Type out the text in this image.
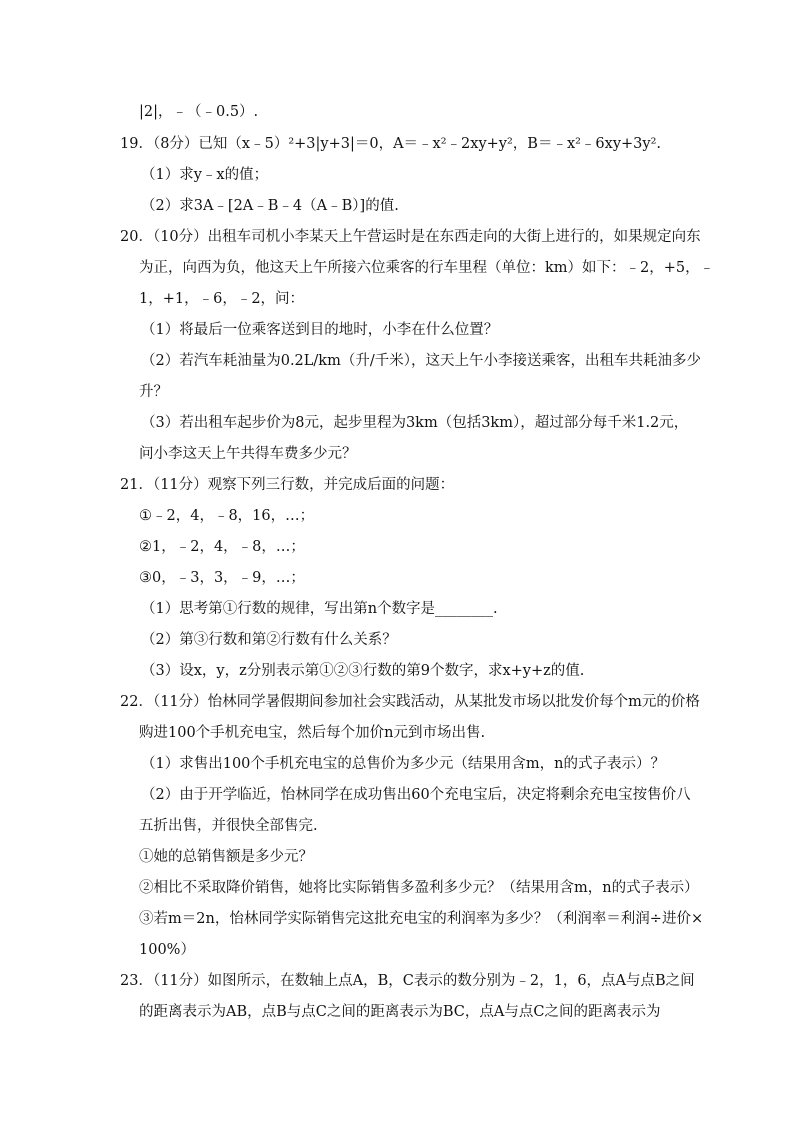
|2|，﹣（﹣0.5）.
19．（8分）已知（x﹣5）²+3|y+3|＝0，A＝﹣x²﹣2xy+y²，B＝﹣x²﹣6xy+3y².
（1）求y﹣x的值；
（2）求3A﹣[2A﹣B﹣4（A﹣B）]的值.
20．（10分）出租车司机小李某天上午营运时是在东西走向的大街上进行的，如果规定向东
为正，向西为负，他这天上午所接六位乘客的行车里程（单位：km）如下：﹣2，+5，﹣
1，+1，﹣6，﹣2，问：
（1）将最后一位乘客送到目的地时，小李在什么位置？
（2）若汽车耗油量为0.2L/km（升/千米），这天上午小李接送乘客，出租车共耗油多少
升？
（3）若出租车起步价为8元，起步里程为3km（包括3km），超过部分每千米1.2元，
问小李这天上午共得车费多少元？
21．（11分）观察下列三行数，并完成后面的问题：
①﹣2，4，﹣8，16，…；
②1，﹣2，4，﹣8，…；
③0，﹣3，3，﹣9，…；
（1）思考第①行数的规律，写出第n个数字是________.
（2）第③行数和第②行数有什么关系？
（3）设x，y，z分别表示第①②③行数的第9个数字，求x+y+z的值.
22．（11分）怡林同学暑假期间参加社会实践活动，从某批发市场以批发价每个m元的价格
购进100个手机充电宝，然后每个加价n元到市场出售.
（1）求售出100个手机充电宝的总售价为多少元（结果用含m，n的式子表示）？
（2）由于开学临近，怡林同学在成功售出60个充电宝后，决定将剩余充电宝按售价八
五折出售，并很快全部售完.
①她的总销售额是多少元？
②相比不采取降价销售，她将比实际销售多盈利多少元？（结果用含m，n的式子表示）
③若m＝2n，怡林同学实际销售完这批充电宝的利润率为多少？（利润率＝利润÷进价×
100%）
23．（11分）如图所示，在数轴上点A，B，C表示的数分别为﹣2，1，6，点A与点B之间
的距离表示为AB，点B与点C之间的距离表示为BC，点A与点C之间的距离表示为
